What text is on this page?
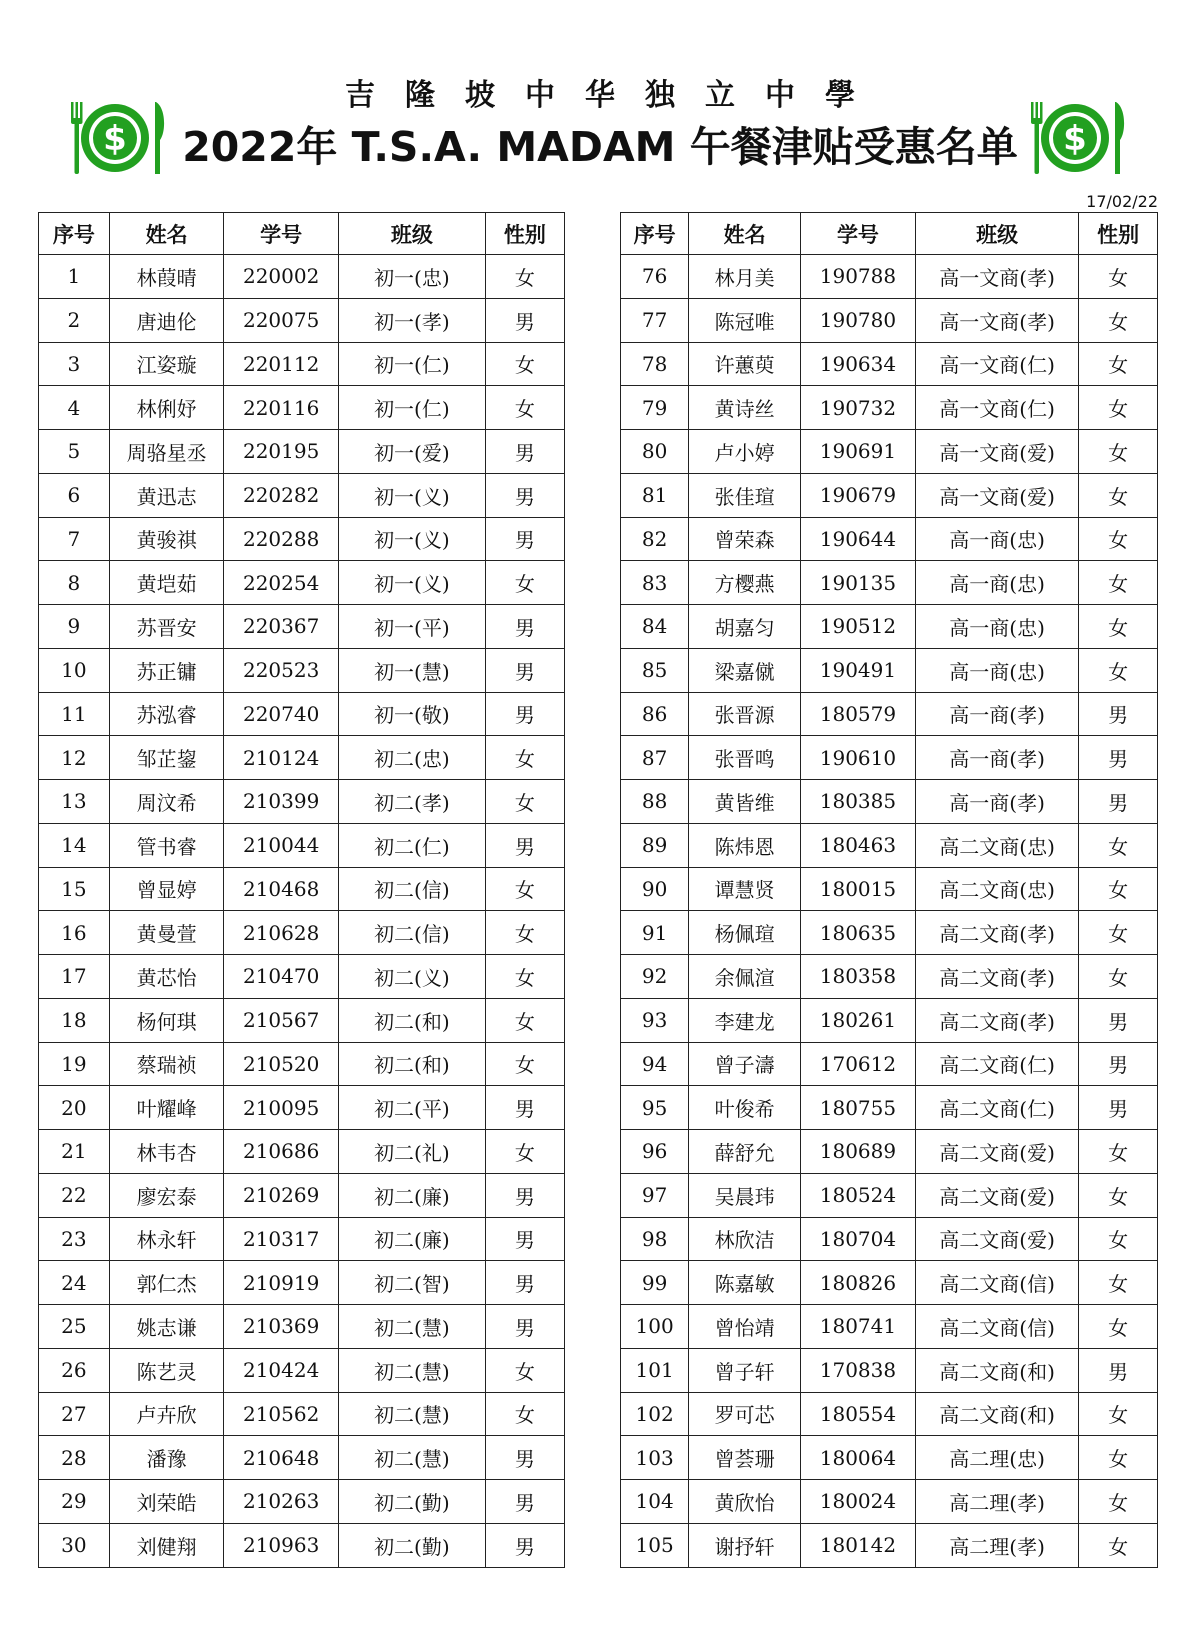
吉隆坡中华独立中學
$ 2022年 T.S.A. MADAM 午餐津贴受惠名单	$
17/02/22
序号	姓名	学号	班级	性别
1	林葭晴	220002	初一(忠)	女
2	唐迪伦	220075	初一(孝)	男
3	江姿璇	220112	初一(仁)	女
4	林俐妤	220116	初一(仁)	女
5	周骆星丞	220195	初一(爱)	男
6	黄迅志	220282	初一(义)	男
7	黄骏祺	220288	初一(义)	男
8	黄垲茹	220254	初一(义)	女
9	苏晋安	220367	初一(平)	男
10	苏正镛	220523	初一(慧)	男
11	苏泓睿	220740	初一(敬)	男
12	邹芷鋆	210124	初二(忠)	女
13	周汶希	210399	初二(孝)	女
14	管书睿	210044	初二(仁)	男
15	曾显婷	210468	初二(信)	女
16	黄曼萱	210628	初二(信)	女
17	黄芯怡	210470	初二(义)	女
18	杨何琪	210567	初二(和)	女
19	蔡瑞祯	210520	初二(和)	女
20	叶耀峰	210095	初二(平)	男
21	林韦杏	210686	初二(礼)	女
22	廖宏泰	210269	初二(廉)	男
23	林永轩	210317	初二(廉)	男
24	郭仁杰	210919	初二(智)	男
25	姚志谦	210369	初二(慧)	男
26	陈艺灵	210424	初二(慧)	女
27	卢卉欣	210562	初二(慧)	女
28	潘豫	210648	初二(慧)	男
29	刘荣皓	210263	初二(勤)	男
30	刘健翔	210963	初二(勤)	男
序号	姓名	学号	班级	性别
76	林月美	190788	高一文商(孝)	女
77	陈冠唯	190780	高一文商(孝)	女
78	许蕙萸	190634	高一文商(仁)	女
79	黄诗丝	190732	高一文商(仁)	女
80	卢小婷	190691	高一文商(爱)	女
81	张佳瑄	190679	高一文商(爱)	女
82	曾荣森	190644	高一商(忠)	女
83	方樱燕	190135	高一商(忠)	女
84	胡嘉匀	190512	高一商(忠)	女
85	梁嘉僦	190491	高一商(忠)	女
86	张晋源	180579	高一商(孝)	男
87	张晋鸣	190610	高一商(孝)	男
88	黄皆维	180385	高一商(孝)	男
89	陈炜恩	180463	高二文商(忠)	女
90	谭慧贤	180015	高二文商(忠)	女
91	杨佩瑄	180635	高二文商(孝)	女
92	余佩渲	180358	高二文商(孝)	女
93	李建龙	180261	高二文商(孝)	男
94	曾子濤	170612	高二文商(仁)	男
95	叶俊希	180755	高二文商(仁)	男
96	薛舒允	180689	高二文商(爱)	女
97	吴晨玮	180524	高二文商(爱)	女
98	林欣洁	180704	高二文商(爱)	女
99	陈嘉敏	180826	高二文商(信)	女
100	曾怡靖	180741	高二文商(信)	女
101	曾子轩	170838	高二文商(和)	男
102	罗可芯	180554	高二文商(和)	女
103	曾荟珊	180064	高二理(忠)	女
104	黄欣怡	180024	高二理(孝)	女
105	谢抒轩	180142	高二理(孝)	女
